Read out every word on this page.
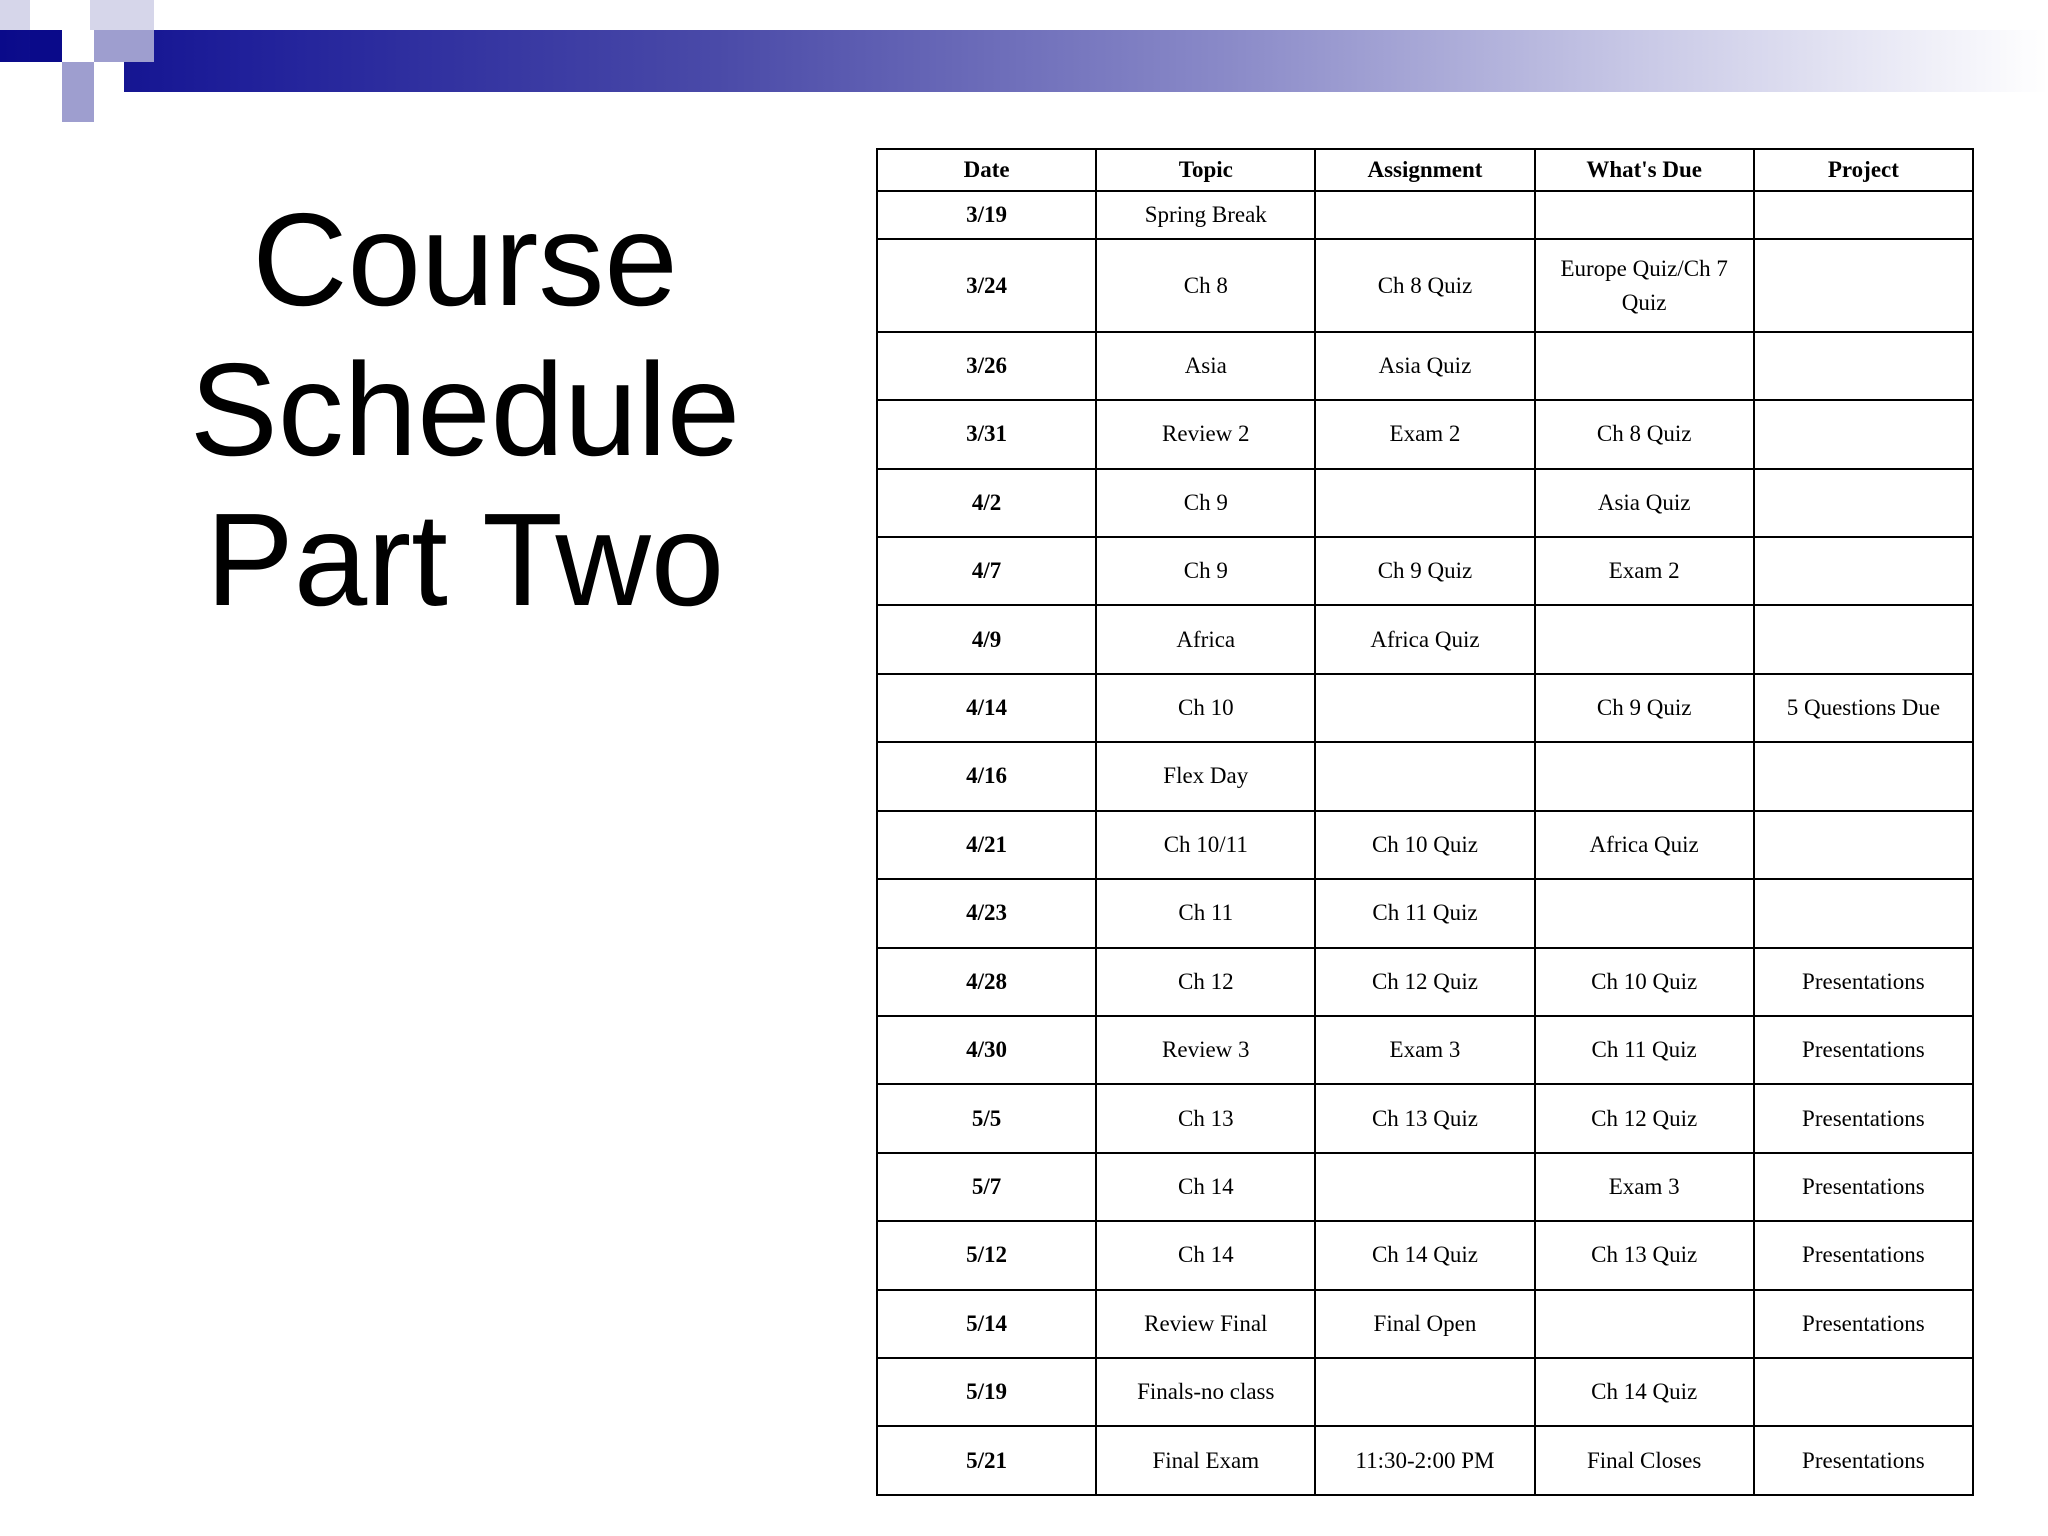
Course
Schedule
Part Two
Date	Topic	Assignment	What's Due	Project
3/19	Spring Break			
3/24	Ch 8	Ch 8 Quiz	Europe Quiz/Ch 7 Quiz	
3/26	Asia	Asia Quiz		
3/31	Review 2	Exam 2	Ch 8 Quiz	
4/2	Ch 9		Asia Quiz	
4/7	Ch 9	Ch 9 Quiz	Exam 2	
4/9	Africa	Africa Quiz		
4/14	Ch 10		Ch 9 Quiz	5 Questions Due
4/16	Flex Day			
4/21	Ch 10/11	Ch 10 Quiz	Africa Quiz	
4/23	Ch 11	Ch 11 Quiz		
4/28	Ch 12	Ch 12 Quiz	Ch 10 Quiz	Presentations
4/30	Review 3	Exam 3	Ch 11 Quiz	Presentations
5/5	Ch 13	Ch 13 Quiz	Ch 12 Quiz	Presentations
5/7	Ch 14		Exam 3	Presentations
5/12	Ch 14	Ch 14 Quiz	Ch 13 Quiz	Presentations
5/14	Review Final	Final Open		Presentations
5/19	Finals-no class		Ch 14 Quiz	
5/21	Final Exam	11:30-2:00 PM	Final Closes	Presentations
